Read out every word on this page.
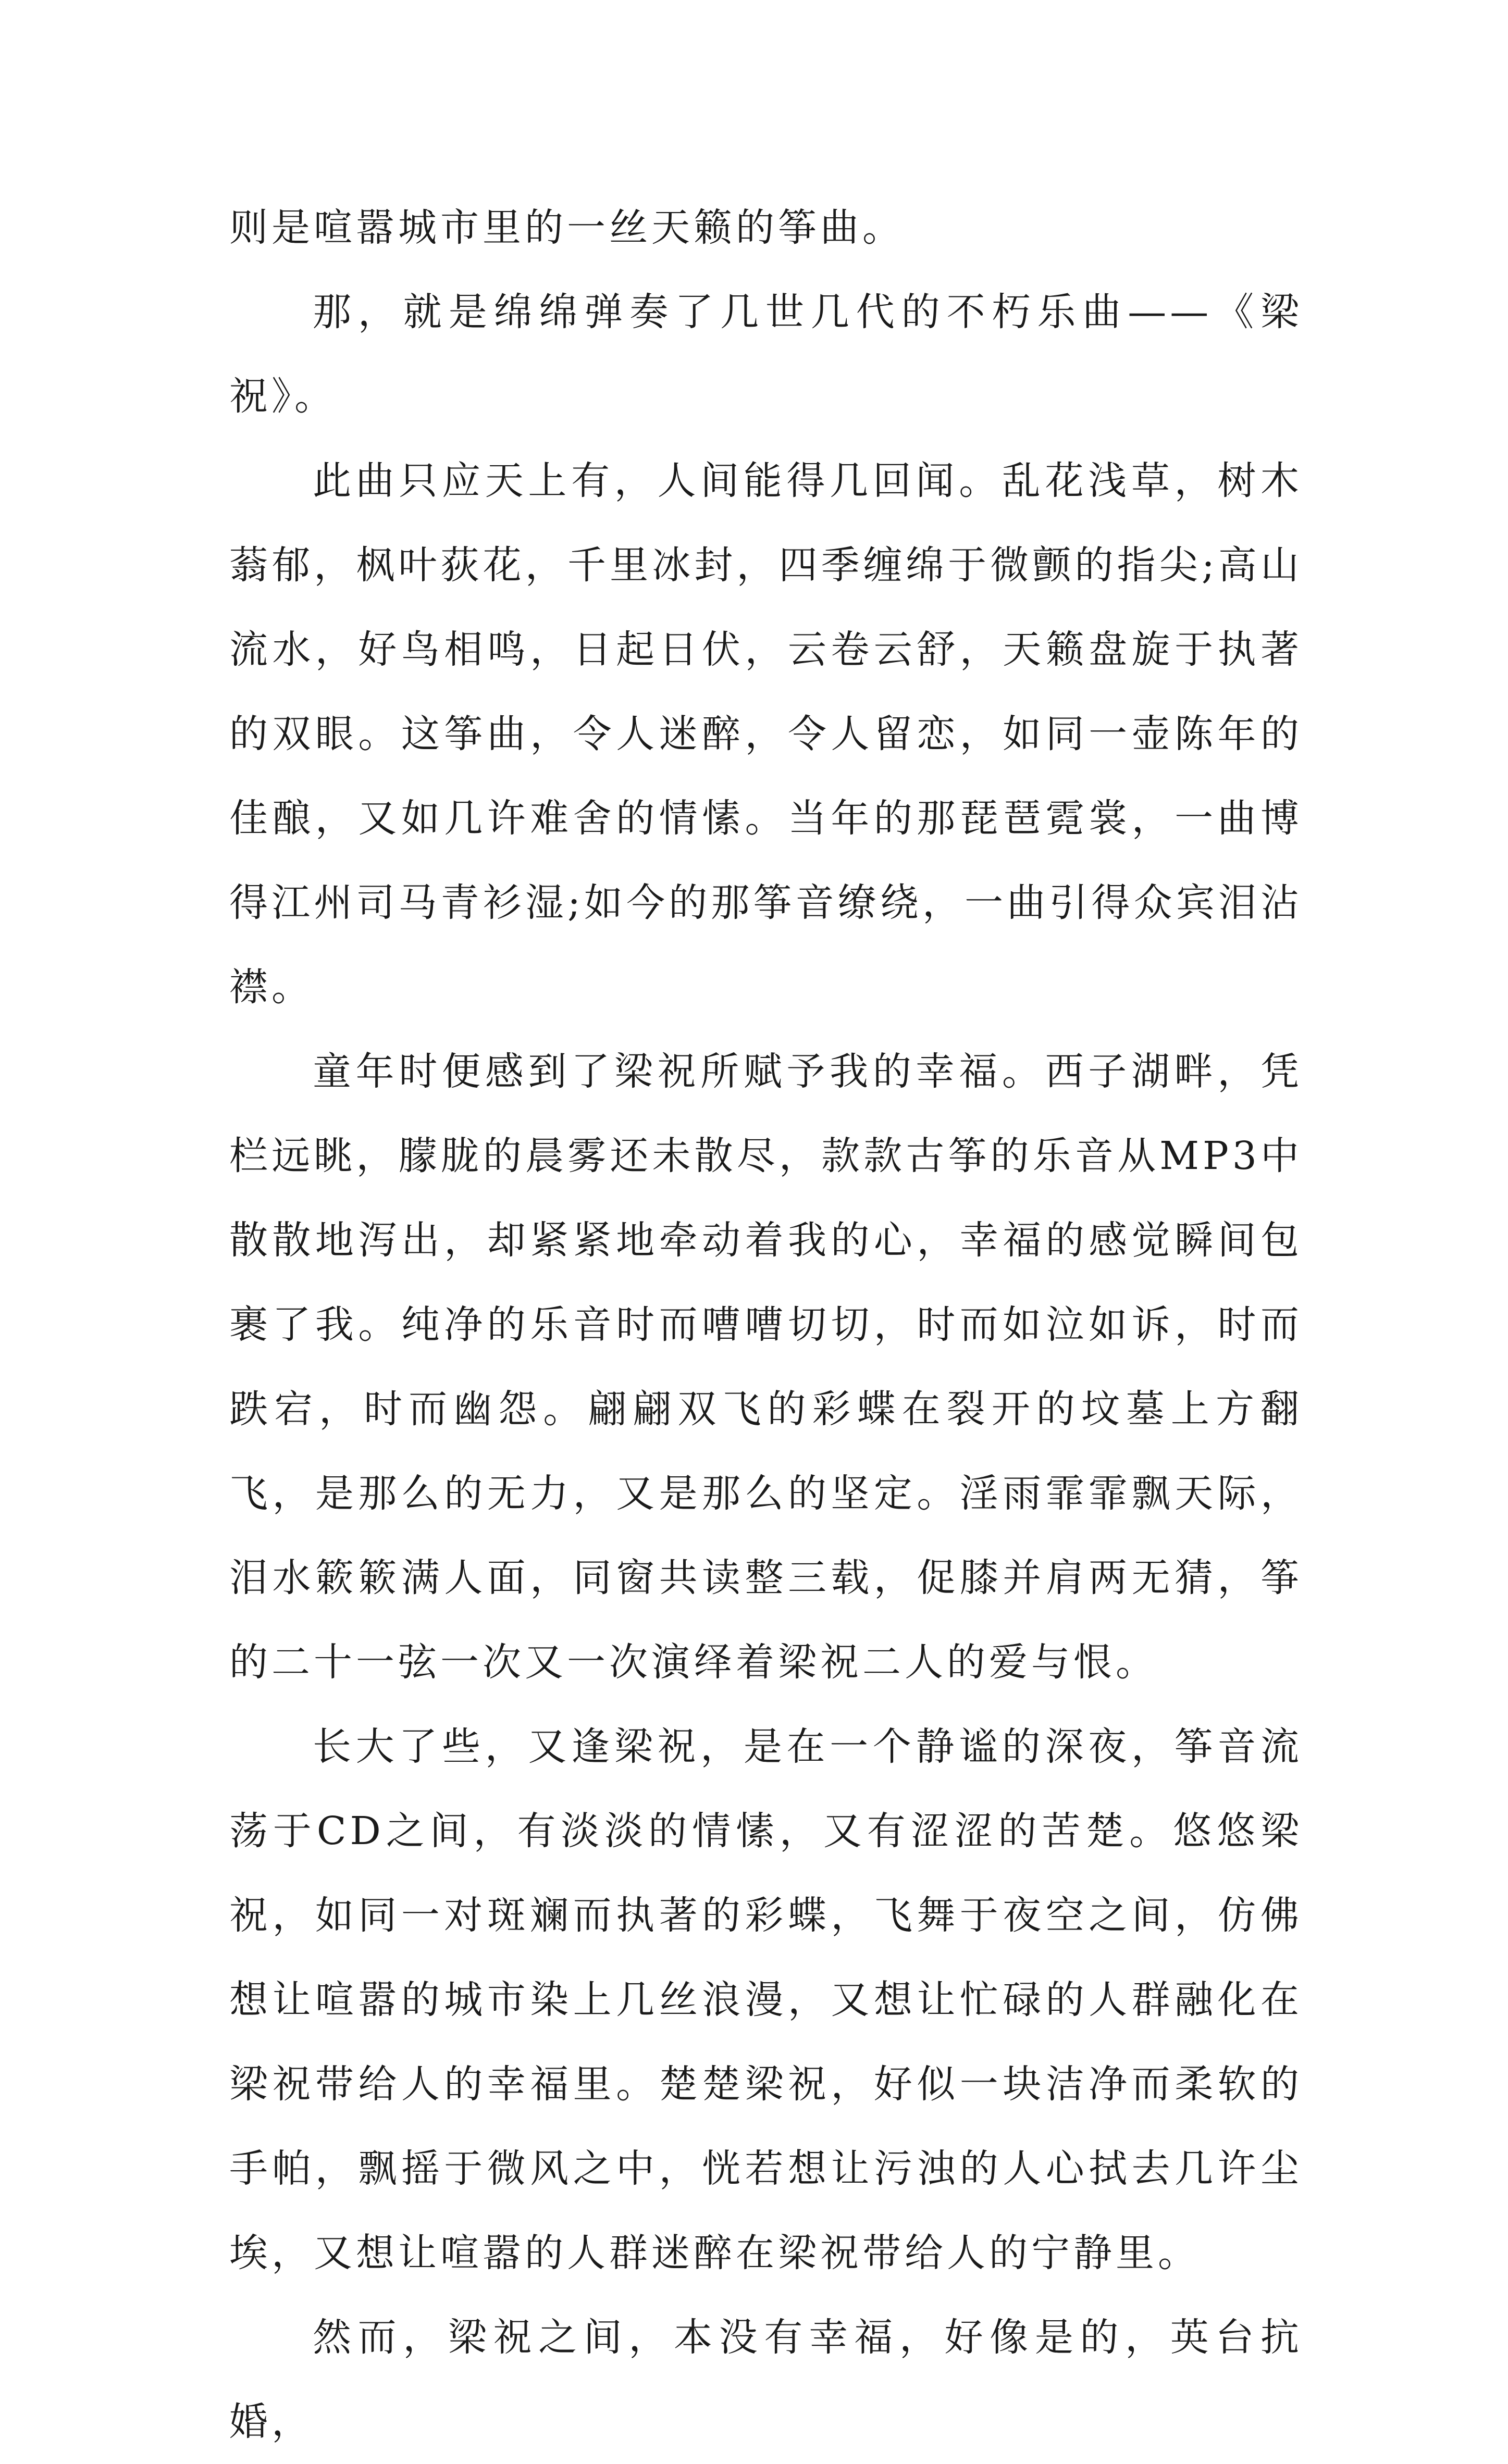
则是喧嚣城市里的一丝天籁的筝曲。

那，就是绵绵弹奏了几世几代的不朽乐曲——《梁祝》。

此曲只应天上有，人间能得几回闻。乱花浅草，树木蓊郁，枫叶荻花，千里冰封，四季缠绵于微颤的指尖;高山流水，好鸟相鸣，日起日伏，云卷云舒，天籁盘旋于执著的双眼。这筝曲，令人迷醉，令人留恋，如同一壶陈年的佳酿，又如几许难舍的情愫。当年的那琵琶霓裳，一曲博得江州司马青衫湿;如今的那筝音缭绕，一曲引得众宾泪沾襟。

童年时便感到了梁祝所赋予我的幸福。西子湖畔，凭栏远眺，朦胧的晨雾还未散尽，款款古筝的乐音从MP3中散散地泻出，却紧紧地牵动着我的心，幸福的感觉瞬间包裹了我。纯净的乐音时而嘈嘈切切，时而如泣如诉，时而跌宕，时而幽怨。翩翩双飞的彩蝶在裂开的坟墓上方翻飞，是那么的无力，又是那么的坚定。淫雨霏霏飘天际，泪水簌簌满人面，同窗共读整三载，促膝并肩两无猜，筝的二十一弦一次又一次演绎着梁祝二人的爱与恨。

长大了些，又逢梁祝，是在一个静谧的深夜，筝音流荡于CD之间，有淡淡的情愫，又有涩涩的苦楚。悠悠梁祝，如同一对斑斓而执著的彩蝶，飞舞于夜空之间，仿佛想让喧嚣的城市染上几丝浪漫，又想让忙碌的人群融化在梁祝带给人的幸福里。楚楚梁祝，好似一块洁净而柔软的手帕，飘摇于微风之中，恍若想让污浊的人心拭去几许尘埃，又想让喧嚣的人群迷醉在梁祝带给人的宁静里。

然而，梁祝之间，本没有幸福，好像是的，英台抗婚，
